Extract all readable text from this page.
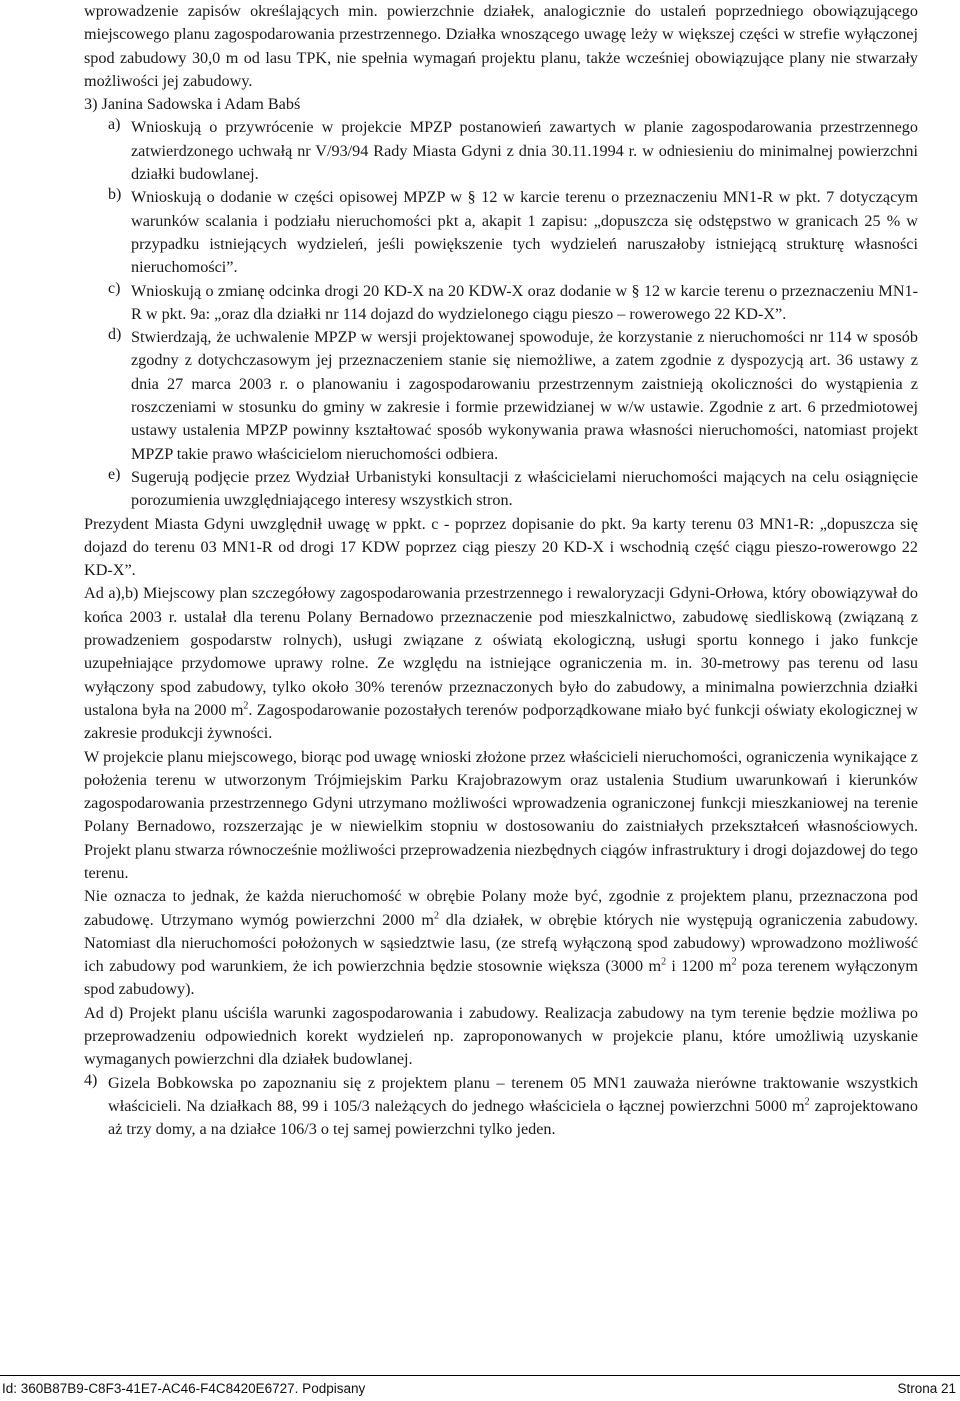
wprowadzenie zapisów określających min. powierzchnie działek, analogicznie do ustaleń poprzedniego obowiązującego miejscowego planu zagospodarowania przestrzennego. Działka wnoszącego uwagę leży w większej części w strefie wyłączonej spod zabudowy 30,0 m od lasu TPK, nie spełnia wymagań projektu planu, także wcześniej obowiązujące plany nie stwarzały możliwości jej zabudowy.

3) Janina Sadowska i Adam Babś

a) Wnioskują o przywrócenie w projekcie MPZP postanowień zawartych w planie zagospodarowania przestrzennego zatwierdzonego uchwałą nr V/93/94 Rady Miasta Gdyni z dnia 30.11.1994 r. w odniesieniu do minimalnej powierzchni działki budowlanej.

b) Wnioskują o dodanie w części opisowej MPZP w § 12 w karcie terenu o przeznaczeniu MN1-R w pkt. 7 dotyczącym warunków scalania i podziału nieruchomości pkt a, akapit 1 zapisu: „dopuszcza się odstępstwo w granicach 25 % w przypadku istniejących wydzieleń, jeśli powiększenie tych wydzieleń naruszałoby istniejącą strukturę własności nieruchomości”.

c) Wnioskują o zmianę odcinka drogi 20 KD-X na 20 KDW-X oraz dodanie w § 12 w karcie terenu o przeznaczeniu MN1-R w pkt. 9a: „oraz dla działki nr 114 dojazd do wydzielonego ciągu pieszo – rowerowego 22 KD-X”.

d) Stwierdzają, że uchwalenie MPZP w wersji projektowanej spowoduje, że korzystanie z nieruchomości nr 114 w sposób zgodny z dotychczasowym jej przeznaczeniem stanie się niemożliwe, a zatem zgodnie z dyspozycją art. 36 ustawy z dnia 27 marca 2003 r. o planowaniu i zagospodarowaniu przestrzennym zaistnieją okoliczności do wystąpienia z roszczeniami w stosunku do gminy w zakresie i formie przewidzianej w w/w ustawie. Zgodnie z art. 6 przedmiotowej ustawy ustalenia MPZP powinny kształtować sposób wykonywania prawa własności nieruchomości, natomiast projekt MPZP takie prawo właścicielom nieruchomości odbiera.

e) Sugerują podjęcie przez Wydział Urbanistyki konsultacji z właścicielami nieruchomości mających na celu osiągnięcie porozumienia uwzględniającego interesy wszystkich stron.

Prezydent Miasta Gdyni uwzględnił uwagę w ppkt. c - poprzez dopisanie do pkt. 9a karty terenu 03 MN1-R: „dopuszcza się dojazd do terenu 03 MN1-R od drogi 17 KDW poprzez ciąg pieszy 20 KD-X i wschodnią część ciągu pieszo-rowerowgo 22 KD-X”.

Ad a),b) Miejscowy plan szczegółowy zagospodarowania przestrzennego i rewaloryzacji Gdyni-Orłowa, który obowiązywał do końca 2003 r. ustalał dla terenu Polany Bernadowo przeznaczenie pod mieszkalnictwo, zabudowę siedliskową (związaną z prowadzeniem gospodarstw rolnych), usługi związane z oświatą ekologiczną, usługi sportu konnego i jako funkcje uzupełniające przydomowe uprawy rolne. Ze względu na istniejące ograniczenia m. in. 30-metrowy pas terenu od lasu wyłączony spod zabudowy, tylko około 30% terenów przeznaczonych było do zabudowy, a minimalna powierzchnia działki ustalona była na 2000 $m^2$. Zagospodarowanie pozostałych terenów podporządkowane miało być funkcji oświaty ekologicznej w zakresie produkcji żywności.

W projekcie planu miejscowego, biorąc pod uwagę wnioski złożone przez właścicieli nieruchomości, ograniczenia wynikające z położenia terenu w utworzonym Trójmiejskim Parku Krajobrazowym oraz ustalenia Studium uwarunkowań i kierunków zagospodarowania przestrzennego Gdyni utrzymano możliwości wprowadzenia ograniczonej funkcji mieszkaniowej na terenie Polany Bernadowo, rozszerzając je w niewielkim stopniu w dostosowaniu do zaistniałych przekształceń własnościowych. Projekt planu stwarza równocześnie możliwości przeprowadzenia niezbędnych ciągów infrastruktury i drogi dojazdowej do tego terenu.

Nie oznacza to jednak, że każda nieruchomość w obrębie Polany może być, zgodnie z projektem planu, przeznaczona pod zabudowę. Utrzymano wymóg powierzchni 2000 $m^2$ dla działek, w obrębie których nie występują ograniczenia zabudowy. Natomiast dla nieruchomości położonych w sąsiedztwie lasu, (ze strefą wyłączoną spod zabudowy) wprowadzono możliwość ich zabudowy pod warunkiem, że ich powierzchnia będzie stosownie większa (3000 $m^2$ i 1200 $m^2$ poza terenem wyłączonym spod zabudowy).

Ad d) Projekt planu uściśla warunki zagospodarowania i zabudowy. Realizacja zabudowy na tym terenie będzie możliwa po przeprowadzeniu odpowiednich korekt wydzieleń np. zaproponowanych w projekcie planu, które umożliwią uzyskanie wymaganych powierzchni dla działek budowlanej.

4) Gizela Bobkowska po zapoznaniu się z projektem planu – terenem 05 MN1 zauważa nierówne traktowanie wszystkich właścicieli. Na działkach 88, 99 i 105/3 należących do jednego właściciela o łącznej powierzchni 5000 $m^2$ zaprojektowano aż trzy domy, a na działce 106/3 o tej samej powierzchni tylko jeden.

Id: 360B87B9-C8F3-41E7-AC46-F4C8420E6727. Podpisany	Strona 21
